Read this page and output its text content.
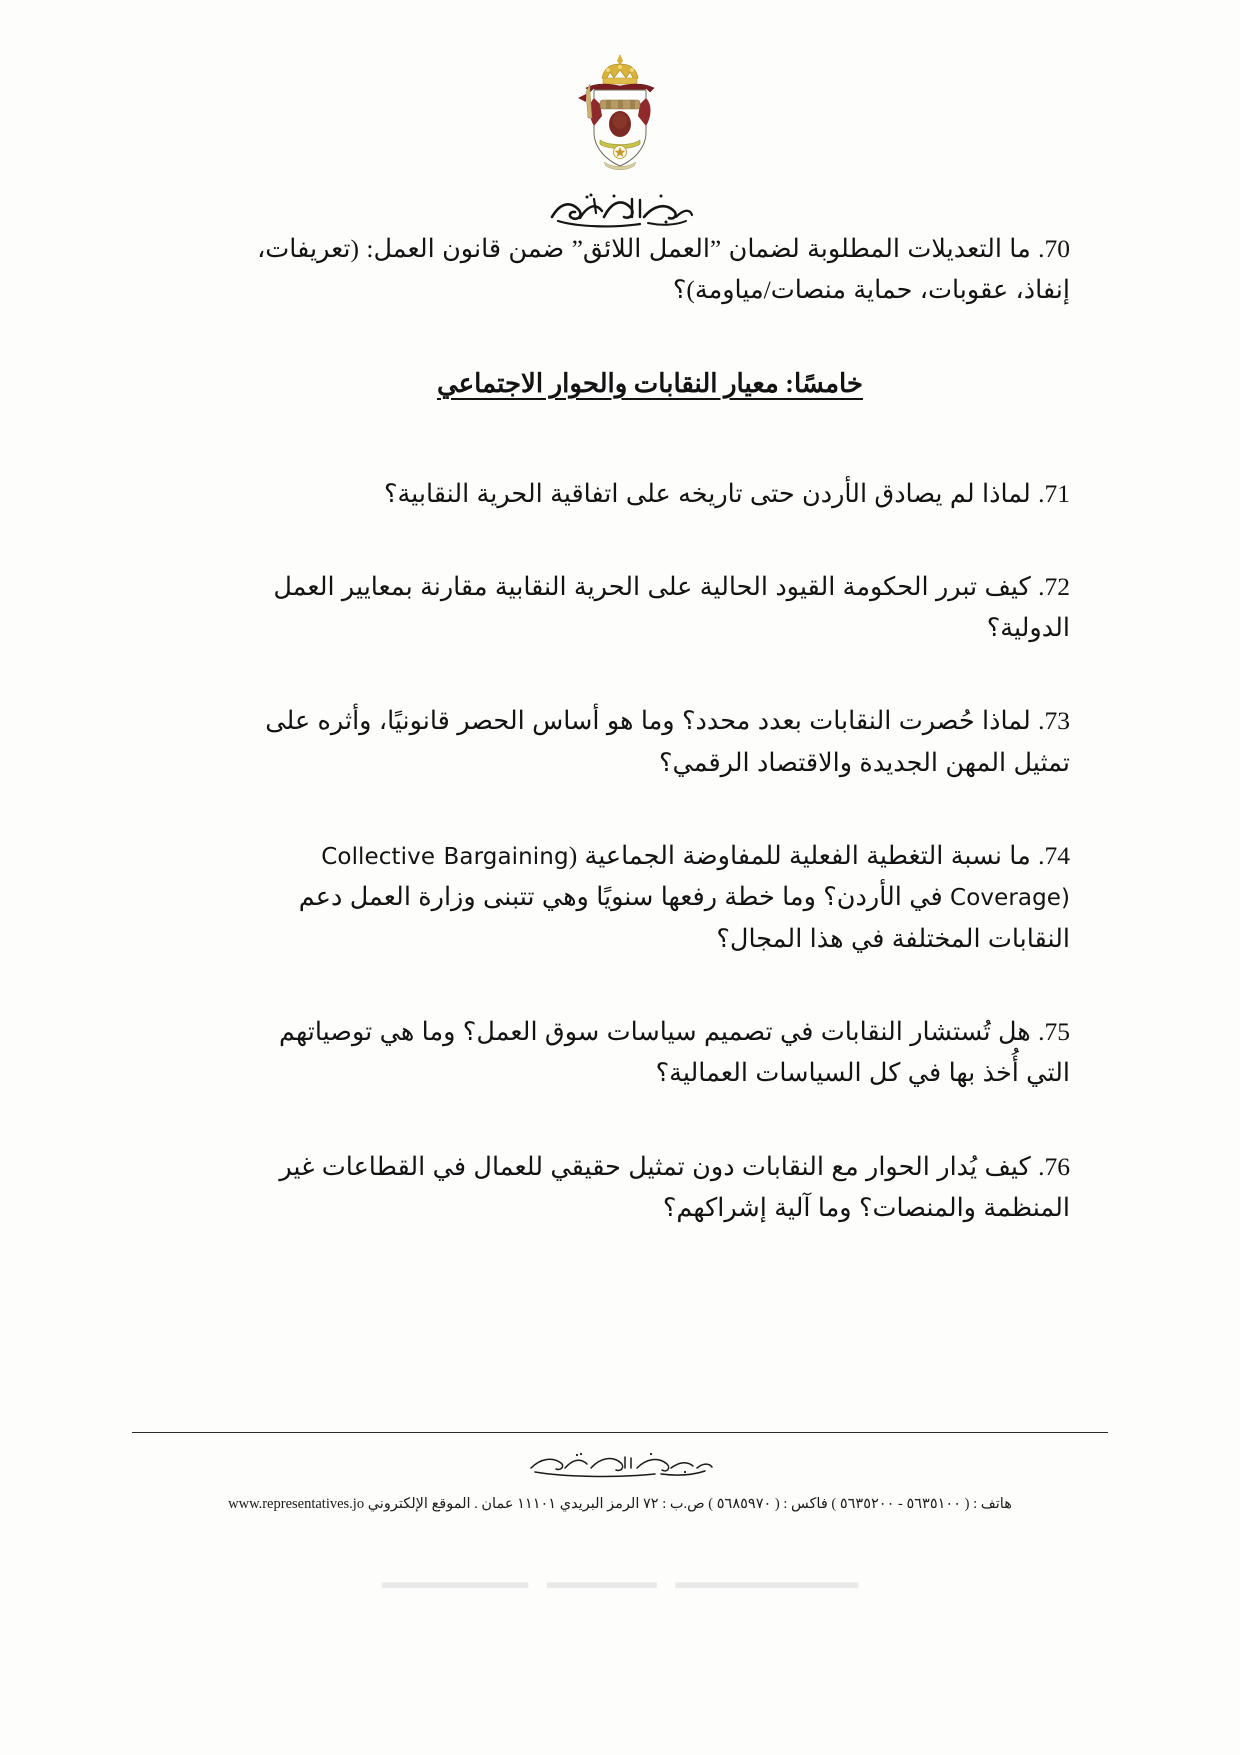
70. ما التعديلات المطلوبة لضمان ”العمل اللائق” ضمن قانون العمل: (تعريفات، إنفاذ، عقوبات، حماية منصات/مياومة)؟

خامسًا: معيار النقابات والحوار الاجتماعي

71. لماذا لم يصادق الأردن حتى تاريخه على اتفاقية الحرية النقابية؟

72. كيف تبرر الحكومة القيود الحالية على الحرية النقابية مقارنة بمعايير العمل الدولية؟

73. لماذا حُصرت النقابات بعدد محدد؟ وما هو أساس الحصر قانونيًا، وأثره على تمثيل المهن الجديدة والاقتصاد الرقمي؟

74. ما نسبة التغطية الفعلية للمفاوضة الجماعية ( Collective Bargaining Coverage) في الأردن؟ وما خطة رفعها سنويًا وهي تتبنى وزارة العمل دعم النقابات المختلفة في هذا المجال؟

75. هل تُستشار النقابات في تصميم سياسات سوق العمل؟ وما هي توصياتهم التي أُخذ بها في كل السياسات العمالية؟

76. كيف يُدار الحوار مع النقابات دون تمثيل حقيقي للعمال في القطاعات غير المنظمة والمنصات؟ وما آلية إشراكهم؟

هاتف : ( ٥٦٣٥١٠٠ - ٥٦٣٥٢٠٠ ) فاكس : ( ٥٦٨٥٩٧٠ ) ص.ب : ٧٢ الرمز البريدي ١١١٠١ عمان . الموقع الإلكتروني www.representatives.jo
ــــــــــ ــــــ ــــــــ
